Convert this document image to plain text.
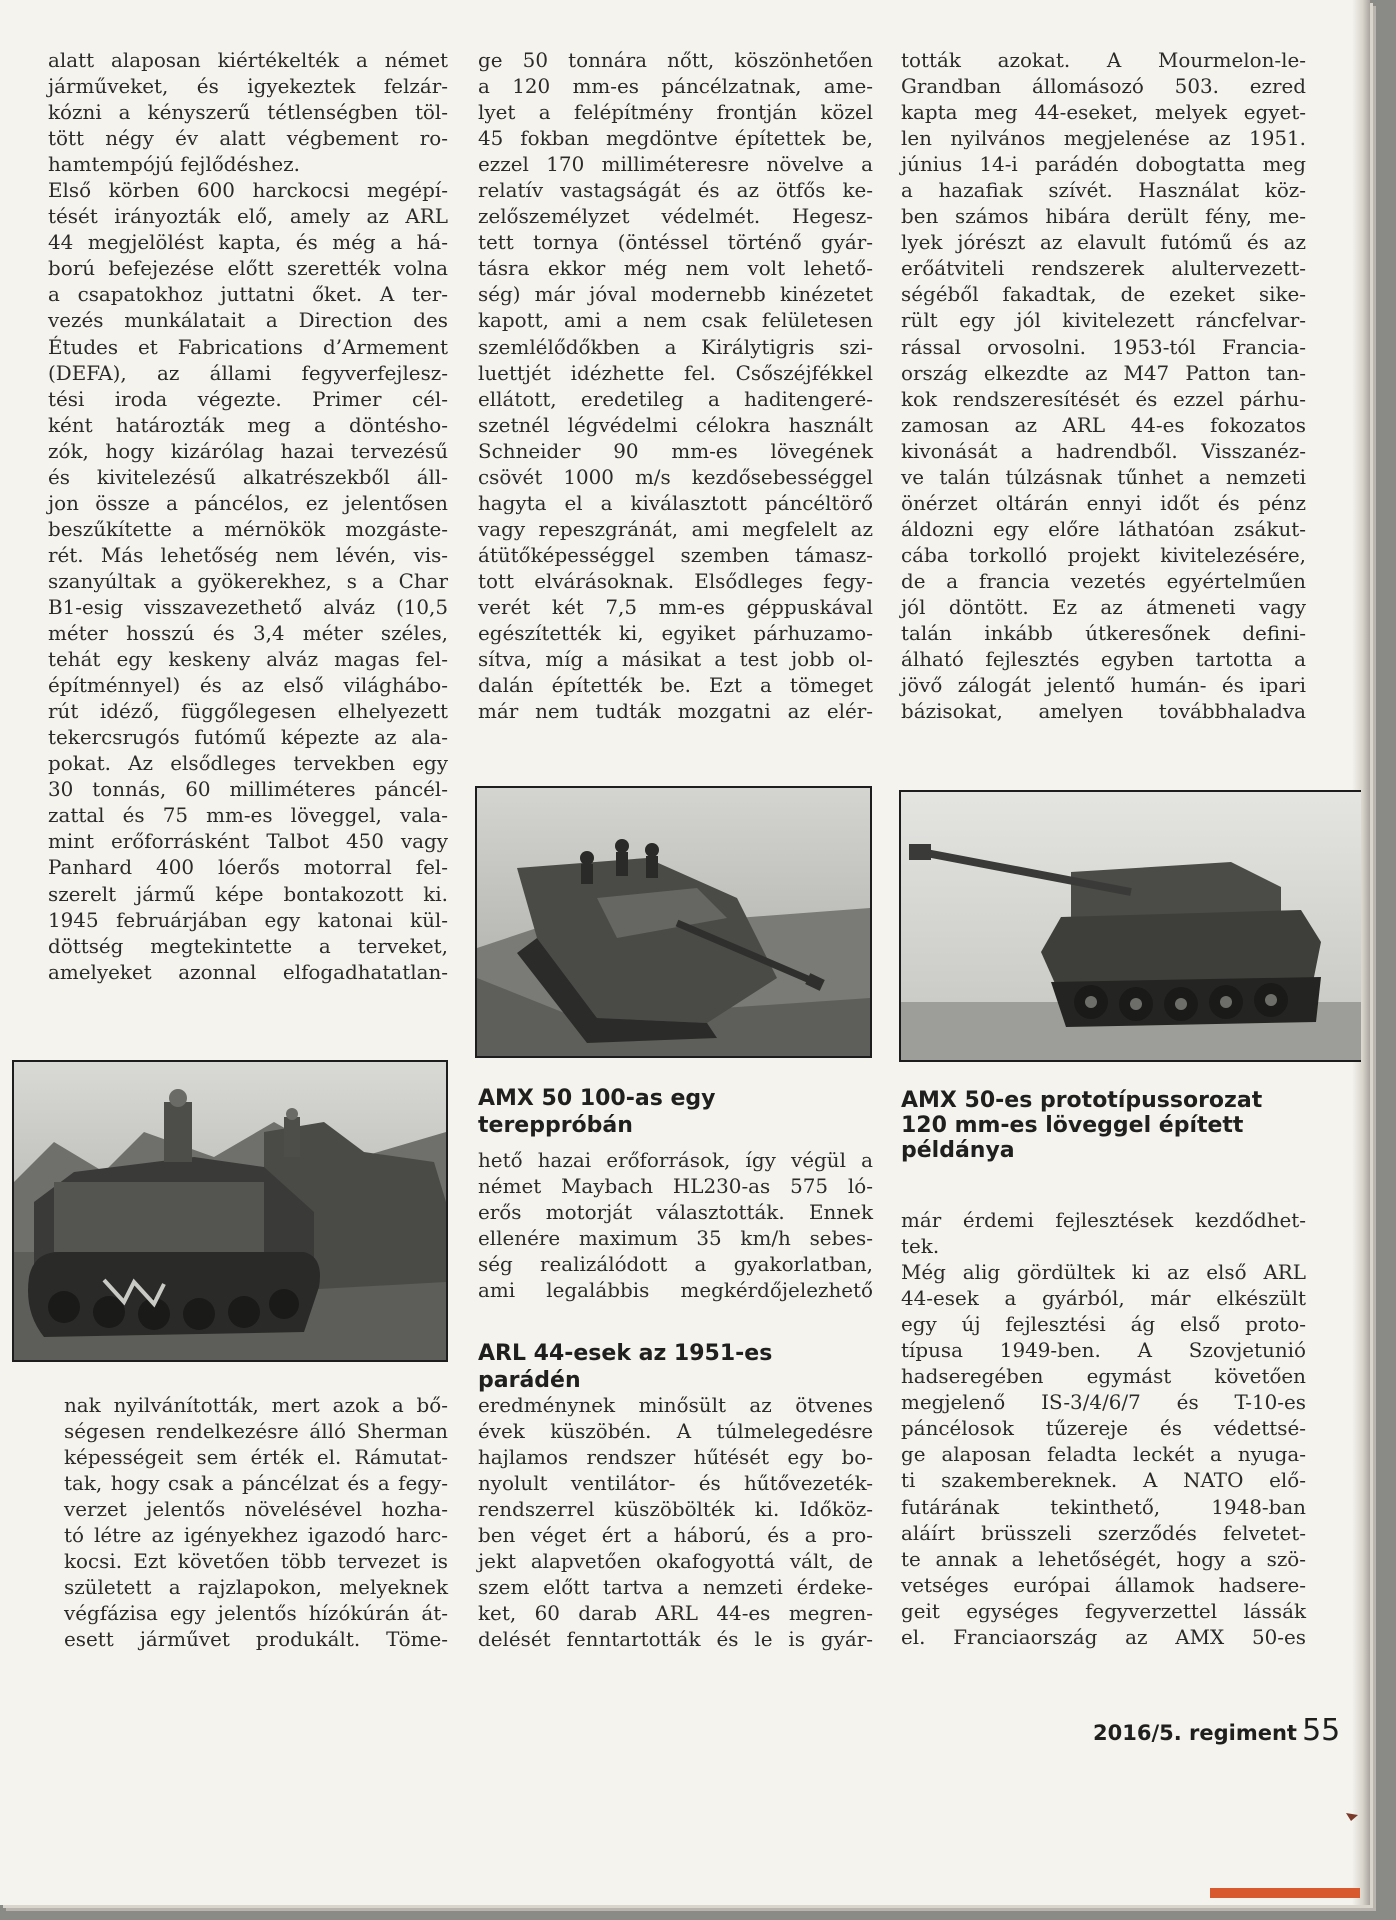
alatt alaposan kiértékelték a német
járműveket, és igyekeztek felzár-
kózni a kényszerű tétlenségben töl-
tött négy év alatt végbement ro-
hamtempójú fejlődéshez.
Első körben 600 harckocsi megépí-
tését irányozták elő, amely az ARL
44 megjelölést kapta, és még a há-
ború befejezése előtt szerették volna
a csapatokhoz juttatni őket. A ter-
vezés munkálatait a Direction des
Études et Fabrications d’Armement
(DEFA), az állami fegyverfejlesz-
tési iroda végezte. Primer cél-
ként határozták meg a döntésho-
zók, hogy kizárólag hazai tervezésű
és kivitelezésű alkatrészekből áll-
jon össze a páncélos, ez jelentősen
beszűkítette a mérnökök mozgáste-
rét. Más lehetőség nem lévén, vis-
szanyúltak a gyökerekhez, s a Char
B1-esig visszavezethető alváz (10,5
méter hosszú és 3,4 méter széles,
tehát egy keskeny alváz magas fel-
építménnyel) és az első világhábo-
rút idéző, függőlegesen elhelyezett
tekercsrugós futómű képezte az ala-
pokat. Az elsődleges tervekben egy
30 tonnás, 60 milliméteres páncél-
zattal és 75 mm-es löveggel, vala-
mint erőforrásként Talbot 450 vagy
Panhard 400 lóerős motorral fel-
szerelt jármű képe bontakozott ki.
1945 februárjában egy katonai kül-
döttség megtekintette a terveket,
amelyeket azonnal elfogadhatatlan-

nak nyilvánították, mert azok a bő-
ségesen rendelkezésre álló Sherman
képességeit sem érték el. Rámutat-
tak, hogy csak a páncélzat és a fegy-
verzet jelentős növelésével hozha-
tó létre az igényekhez igazodó harc-
kocsi. Ezt követően több tervezet is
született a rajzlapokon, melyeknek
végfázisa egy jelentős hízókúrán át-
esett járművet produkált. Töme-

ge 50 tonnára nőtt, köszönhetően
a 120 mm-es páncélzatnak, ame-
lyet a felépítmény frontján közel
45 fokban megdöntve építettek be,
ezzel 170 milliméteresre növelve a
relatív vastagságát és az ötfős ke-
zelőszemélyzet védelmét. Hegesz-
tett tornya (öntéssel történő gyár-
tásra ekkor még nem volt lehető-
ség) már jóval modernebb kinézetet
kapott, ami a nem csak felületesen
szemlélődőkben a Királytigris szi-
luettjét idézhette fel. Csőszéjfékkel
ellátott, eredetileg a haditengeré-
szetnél légvédelmi célokra használt
Schneider 90 mm-es lövegének
csövét 1000 m/s kezdősebességgel
hagyta el a kiválasztott páncéltörő
vagy repeszgránát, ami megfelelt az
átütőképességgel szemben támasz-
tott elvárásoknak. Elsődleges fegy-
verét két 7,5 mm-es géppuskával
egészítették ki, egyiket párhuzamo-
sítva, míg a másikat a test jobb ol-
dalán építették be. Ezt a tömeget
már nem tudták mozgatni az elér-

AMX 50 100-as egy tereppróbán

hető hazai erőforrások, így végül a
német Maybach HL230-as 575 ló-
erős motorját választották. Ennek
ellenére maximum 35 km/h sebes-
ség realizálódott a gyakorlatban,
ami legalábbis megkérdőjelezhető

ARL 44-esek az 1951-es parádén

eredménynek minősült az ötvenes
évek küszöbén. A túlmelegedésre
hajlamos rendszer hűtését egy bo-
nyolult ventilátor- és hűtővezeték-
rendszerrel küszöbölték ki. Időköz-
ben véget ért a háború, és a pro-
jekt alapvetően okafogyottá vált, de
szem előtt tartva a nemzeti érdeke-
ket, 60 darab ARL 44-es megren-
delését fenntartották és le is gyár-

tották azokat. A Mourmelon-le-
Grandban állomásozó 503. ezred
kapta meg 44-eseket, melyek egyet-
len nyilvános megjelenése az 1951.
június 14-i parádén dobogtatta meg
a hazafiak szívét. Használat köz-
ben számos hibára derült fény, me-
lyek jórészt az elavult futómű és az
erőátviteli rendszerek alultervezett-
ségéből fakadtak, de ezeket sike-
rült egy jól kivitelezett ráncfelvar-
rással orvosolni. 1953-tól Francia-
ország elkezdte az M47 Patton tan-
kok rendszeresítését és ezzel párhu-
zamosan az ARL 44-es fokozatos
kivonását a hadrendből. Visszanéz-
ve talán túlzásnak tűnhet a nemzeti
önérzet oltárán ennyi időt és pénz
áldozni egy előre láthatóan zsákut-
cába torkolló projekt kivitelezésére,
de a francia vezetés egyértelműen
jól döntött. Ez az átmeneti vagy
talán inkább útkeresőnek defini-
álható fejlesztés egyben tartotta a
jövő zálogát jelentő humán- és ipari
bázisokat, amelyen továbbhaladva

AMX 50-es prototípussorozat
120 mm-es löveggel épített
példánya

már érdemi fejlesztések kezdődhet-
tek.
Még alig gördültek ki az első ARL
44-esek a gyárból, már elkészült
egy új fejlesztési ág első proto-
típusa 1949-ben. A Szovjetunió
hadseregében egymást követően
megjelenő IS-3/4/6/7 és T-10-es
páncélosok tűzereje és védettsé-
ge alaposan feladta leckét a nyuga-
ti szakembereknek. A NATO elő-
futárának tekinthető, 1948-ban
aláírt brüsszeli szerződés felvetet-
te annak a lehetőségét, hogy a szö-
vetséges európai államok hadsere-
geit egységes fegyverzettel lássák
el. Franciaország az AMX 50-es

2016/5. regiment 55
